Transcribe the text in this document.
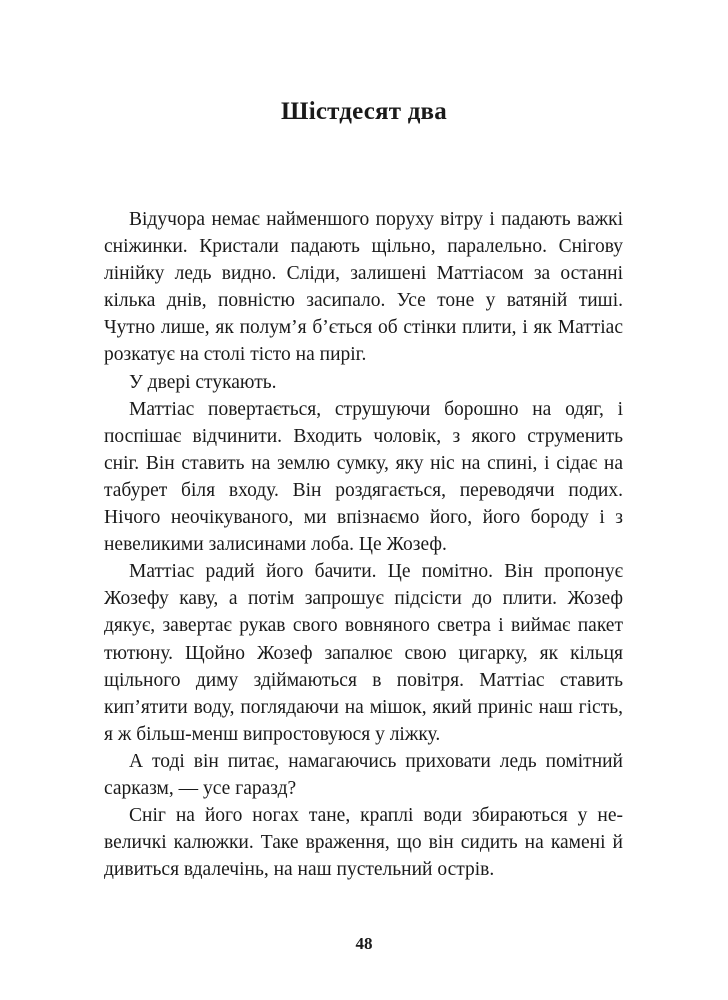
Шістдесят два

Відучора немає найменшого поруху вітру і падають важкі сніжинки. Кристали падають щільно, паралельно. Снігову лінійку ледь видно. Сліди, залишені Маттіасом за останні кілька днів, повністю засипало. Усе тоне у ватяній тиші. Чутно лише, як полум’я б’ється об стінки плити, і як Маттіас розкатує на столі тісто на пиріг.

У двері стукають.

Маттіас повертається, струшуючи борошно на одяг, і поспішає відчинити. Входить чоловік, з якого струменить сніг. Він ставить на землю сумку, яку ніс на спині, і сідає на табурет біля входу. Він роздягається, переводячи подих. Нічого неочікуваного, ми впізнаємо його, його бороду і з невеликими залисинами лоба. Це Жозеф.

Маттіас радий його бачити. Це помітно. Він пропонує Жозефу каву, а потім запрошує підсісти до плити. Жозеф дякує, завертає рукав свого вовняного светра і виймає пакет тютюну. Щойно Жозеф запалює свою цигарку, як кільця щільного диму здіймаються в повітря. Маттіас ставить кип’ятити воду, поглядаючи на мішок, який приніс наш гість, я ж більш-менш випростовуюся у ліжку.

А тоді він питає, намагаючись приховати ледь помітний сарказм, — усе гаразд?

Сніг на його ногах тане, краплі води збираються у невеличкі калюжки. Таке враження, що він сидить на камені й дивиться вдалечінь, на наш пустельний острів.

48
